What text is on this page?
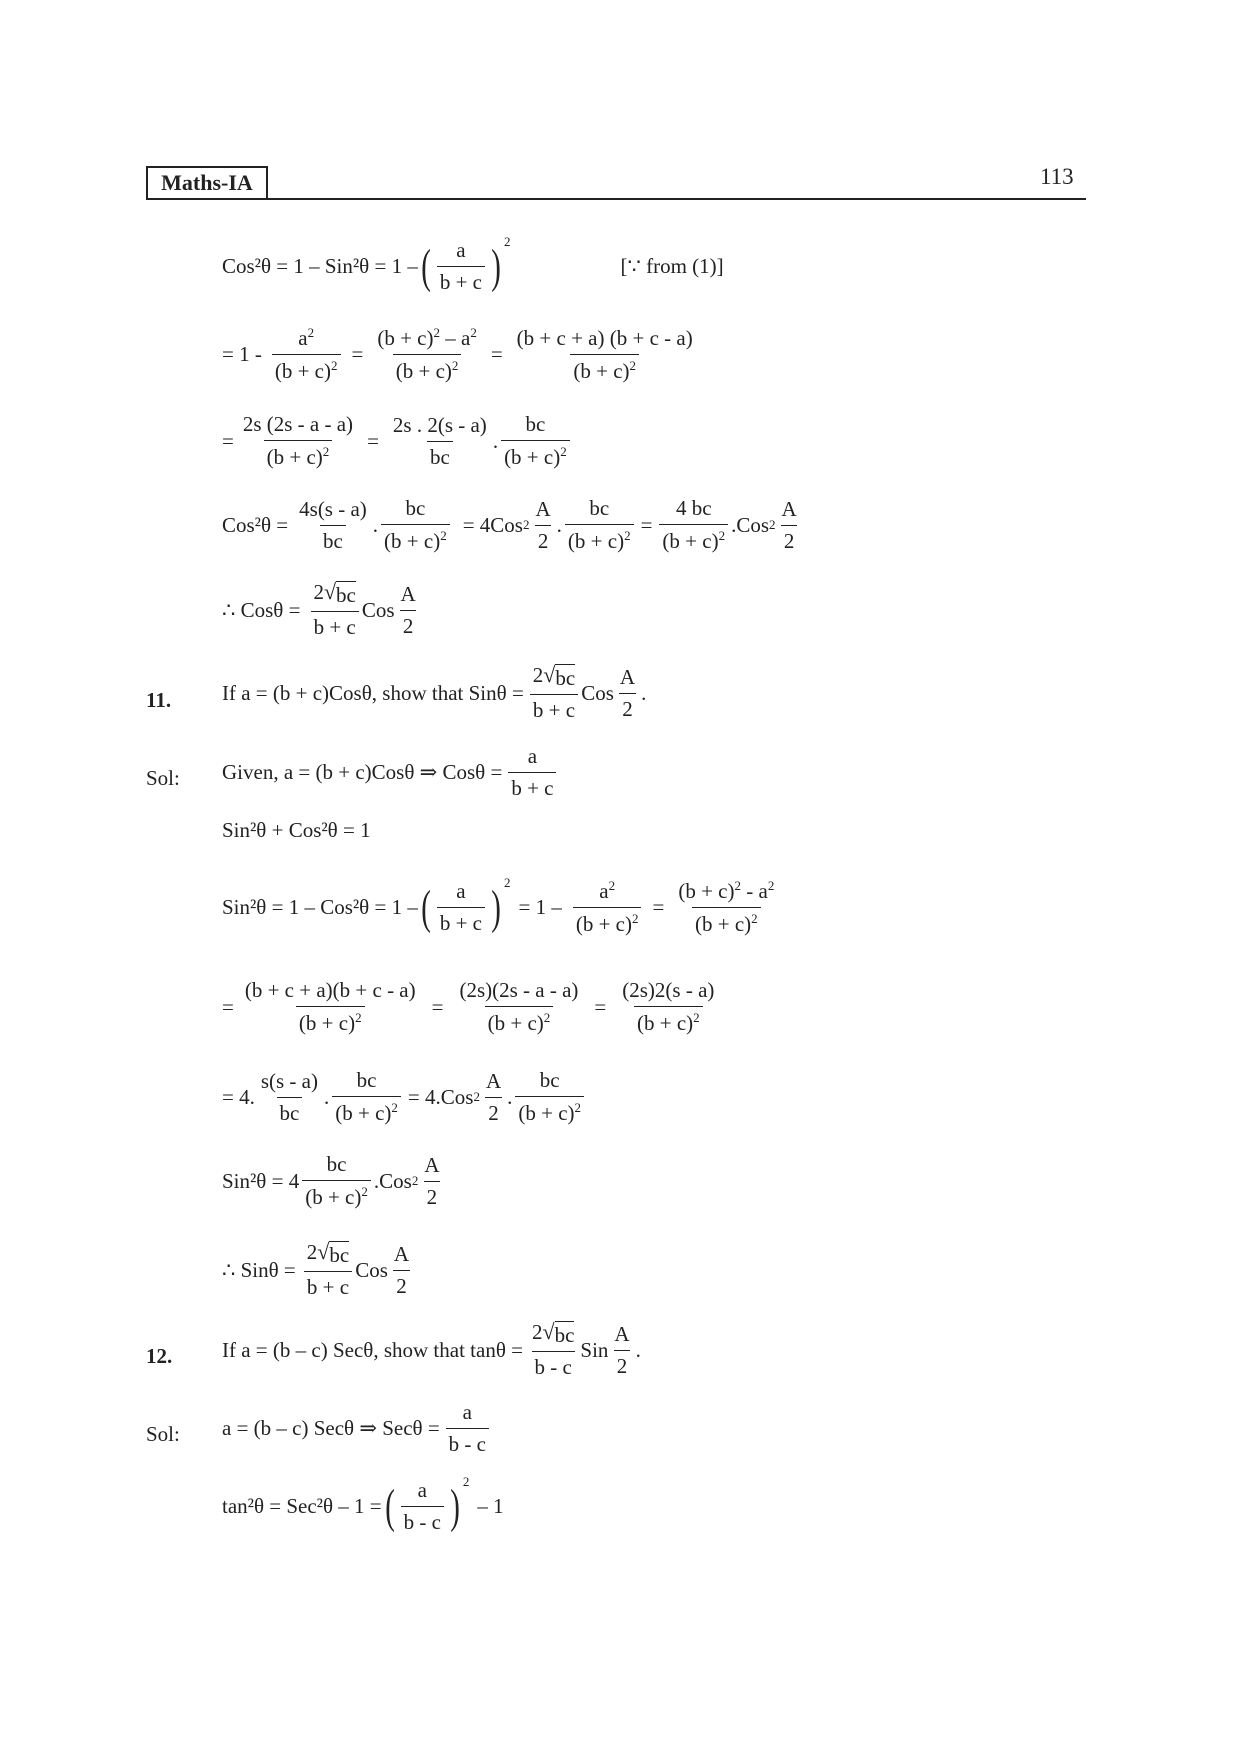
Maths-IA	113
Cos²θ = 1 – Sin²θ = 1 – ( $\frac{a}{b + c}$ ) 2
[∵ from (1)]
= $1 - \frac{a^2}{(b + c)^2} = \frac{(b + c)^2 - a^2}{(b + c)^2} = \frac{(b + c + a) (b + c - a)}{(b + c)^2}$
= $\frac{2s (2s - a - a)}{(b + c)^2} = \frac{2s . 2(s - a)}{bc}$ . $\frac{bc}{(b + c)^2}$
$Cos^2\theta = \frac{4s(s - a)}{bc}$ . $\frac{bc}{(b + c)^2} = 4Cos$ $2 \frac{A}{2}$ . $\frac{bc}{(b + c)^2} = \frac{4 bc}{(b + c)^2} .Cos$ $2 \frac{A}{2}$
∴ $Cos\theta = \frac{2 √ bc}{b + c}$ Cos $\frac{A}{2}$
11. If a = (b + c)Cosθ, show that $Sin\theta = \frac{2 √ bc}{b + c}$ Cos $\frac{A}{2}$ .
Sol: Given, a = (b + c)Cosθ ⇒ $Cos\theta = \frac{a}{b + c}$
Sin²θ + Cos²θ = 1
Sin²θ = 1 – Cos²θ = 1 – ( $\frac{a}{b + c}$ ) 2
= $1 - \frac{a^2}{(b + c)^2} = \frac{(b + c)^2 - a^2}{(b + c)^2}$
= $\frac{(b + c + a)(b + c - a)}{(b + c)^2} = \frac{(2s)(2s - a - a)}{(b + c)^2} = \frac{(2s)2(s - a)}{(b + c)^2}$
= 4. $\frac{s(s - a)}{bc}$ . $\frac{bc}{(b + c)^2} = 4.Cos$ $2 \frac{A}{2}$ . $\frac{bc}{(b + c)^2}$
$Sin^2\theta = 4 \frac{bc}{(b + c)^2} .Cos$ $2 \frac{A}{2}$
∴ $Sin\theta = \frac{2 √ bc}{b + c}$ Cos $\frac{A}{2}$
12. If a = (b – c) Secθ, show that $\tan\theta = \frac{2 √ bc}{b - c}$ Sin $\frac{A}{2}$ .
Sol: a = (b – c) Secθ ⇒ $Sec\theta = \frac{a}{b - c}$
tan²θ = Sec²θ – 1 = ( $\frac{a}{b - c}$ ) 2
– 1
